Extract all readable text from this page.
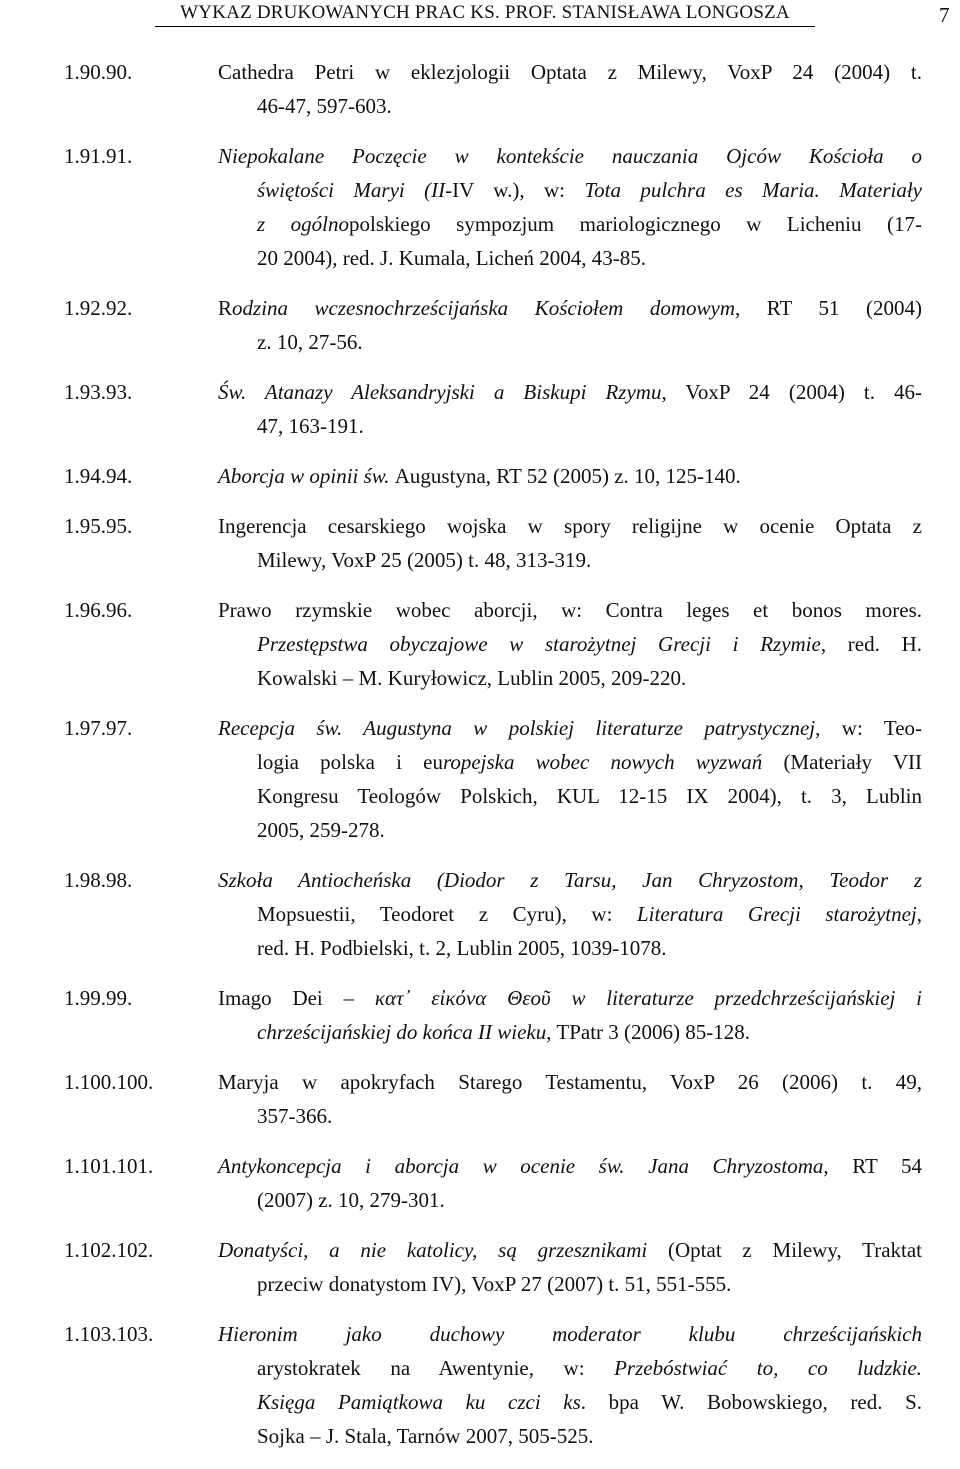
WYKAZ DRUKOWANYCH PRAC KS. PROF. STANISŁAWA LONGOSZA	7
1.90.90.	Cathedra Petri w eklezjologii Optata z Milewy, VoxP 24 (2004) t.
46-47, 597-603.
1.91.91.	Niepokalane Poczęcie w kontekście nauczania Ojców Kościoła o
świętości Maryi (II-IV w.), w: Tota pulchra es Maria. Materiały
z ogólnopolskiego sympozjum mariologicznego w Licheniu (17-
20 2004), red. J. Kumala, Licheń 2004, 43-85.
1.92.92.	Rodzina wczesnochrześcijańska Kościołem domowym, RT 51 (2004)
z. 10, 27-56.
1.93.93.	Św. Atanazy Aleksandryjski a Biskupi Rzymu, VoxP 24 (2004) t. 46-
47, 163-191.
1.94.94.	Aborcja w opinii św. Augustyna, RT 52 (2005) z. 10, 125-140.
1.95.95.	Ingerencja cesarskiego wojska w spory religijne w ocenie Optata z
Milewy, VoxP 25 (2005) t. 48, 313-319.
1.96.96.	Prawo rzymskie wobec aborcji, w: Contra leges et bonos mores.
Przestępstwa obyczajowe w starożytnej Grecji i Rzymie, red. H.
Kowalski – M. Kuryłowicz, Lublin 2005, 209-220.
1.97.97.	Recepcja św. Augustyna w polskiej literaturze patrystycznej, w: Teo-
logia polska i europejska wobec nowych wyzwań (Materiały VII
Kongresu Teologów Polskich, KUL 12-15 IX 2004), t. 3, Lublin
2005, 259-278.
1.98.98.	Szkoła Antiocheńska (Diodor z Tarsu, Jan Chryzostom, Teodor z
Mopsuestii, Teodoret z Cyru), w: Literatura Grecji starożytnej,
red. H. Podbielski, t. 2, Lublin 2005, 1039-1078.
1.99.99.	Imago Dei – κατ᾽ εἰκόνα Θεοῦ w literaturze przedchrześcijańskiej i
chrześcijańskiej do końca II wieku, TPatr 3 (2006) 85-128.
1.100.100.	Maryja w apokryfach Starego Testamentu, VoxP 26 (2006) t. 49,
357-366.
1.101.101.	Antykoncepcja i aborcja w ocenie św. Jana Chryzostoma, RT 54
(2007) z. 10, 279-301.
1.102.102.	Donatyści, a nie katolicy, są grzesznikami (Optat z Milewy, Traktat
przeciw donatystom IV), VoxP 27 (2007) t. 51, 551-555.
1.103.103.	Hieronim jako duchowy moderator klubu chrześcijańskich
arystokratek na Awentynie, w: Przebóstwiać to, co ludzkie.
Księga Pamiątkowa ku czci ks. bpa W. Bobowskiego, red. S.
Sojka – J. Stala, Tarnów 2007, 505-525.
